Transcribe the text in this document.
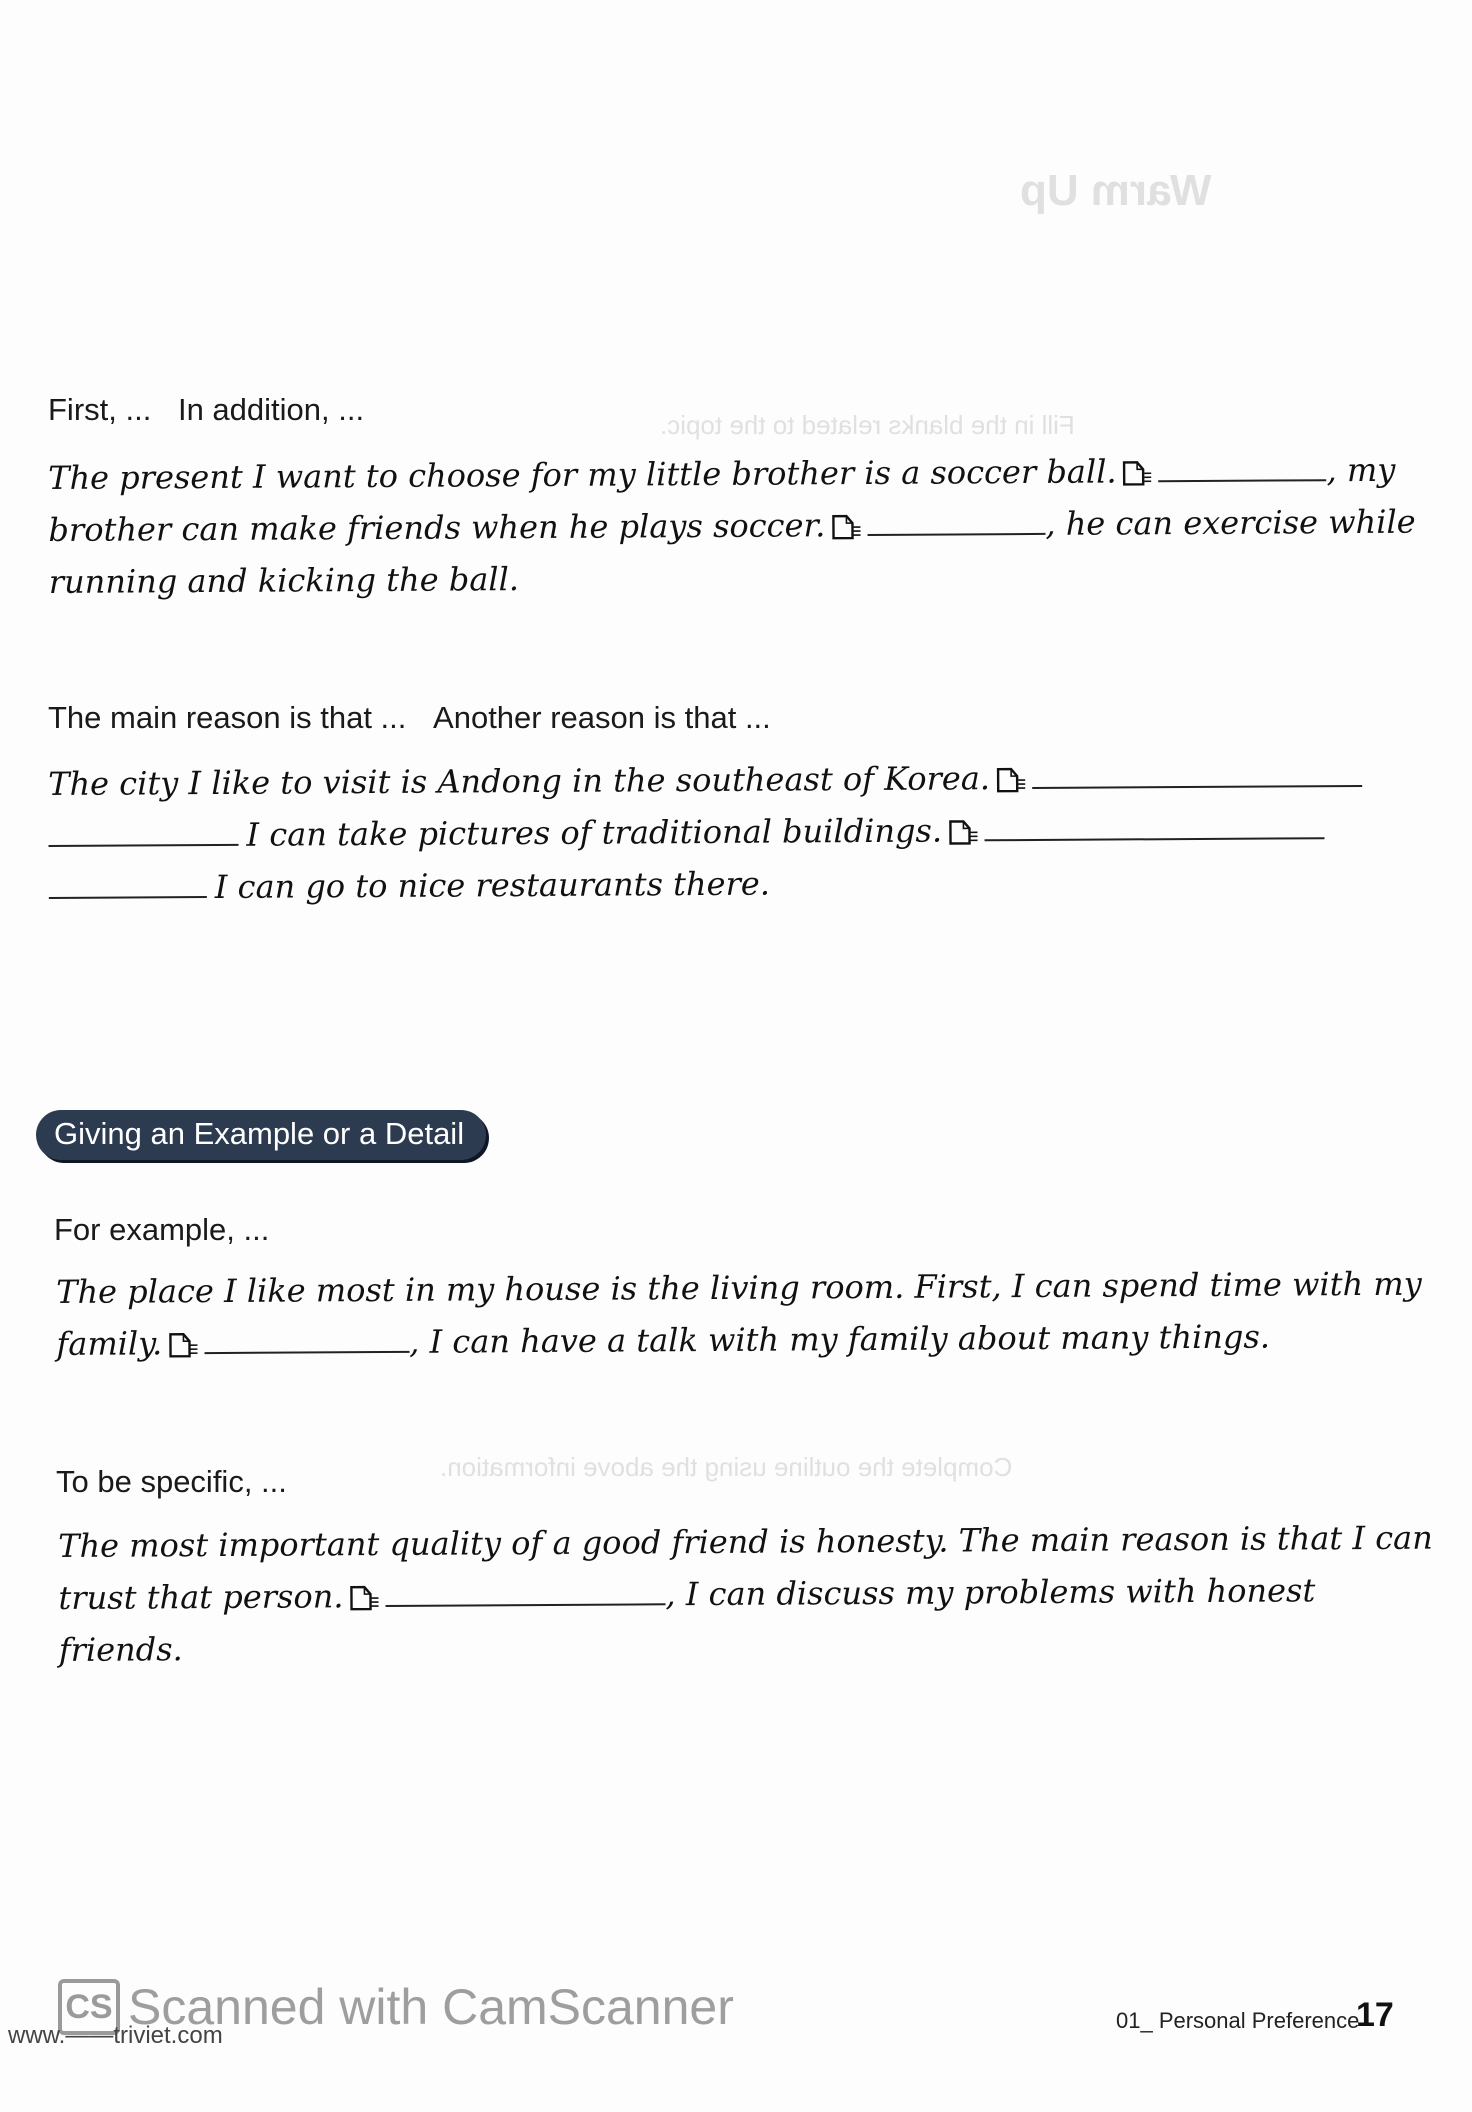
Warm Up
Fill in the blanks related to the topic.
Complete the outline using the above information.
First, ... In addition, ...
The present I want to choose for my little brother is a soccer ball.	, my
brother can make friends when he plays soccer.	, he can exercise while
running and kicking the ball.
The main reason is that ... Another reason is that ...
The city I like to visit is Andong in the southeast of Korea.
I can take pictures of traditional buildings.
I can go to nice restaurants there.
Giving an Example or a Detail
For example, ...
The place I like most in my house is the living room. First, I can spend time with my
family.	, I can have a talk with my family about many things.
To be specific, ...
The most important quality of a good friend is honesty. The main reason is that I can
trust that person.	, I can discuss my problems with honest
friends.
CS Scanned with CamScanner
www.——triviet.com
01_ Personal Preference
17
